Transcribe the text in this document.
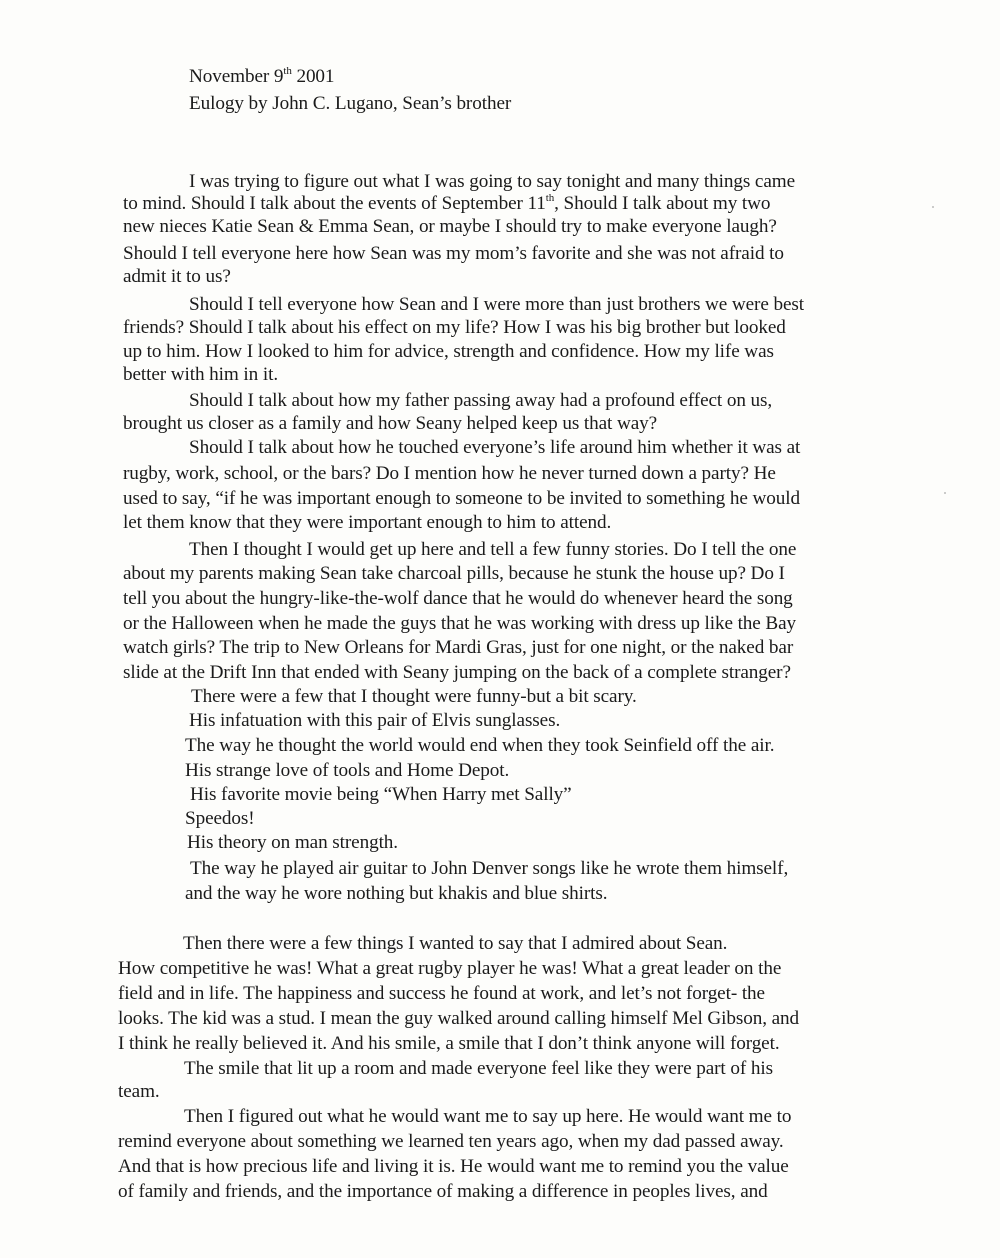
November 9th 2001
Eulogy by John C. Lugano, Sean’s brother
I was trying to figure out what I was going to say tonight and many things came
to mind. Should I talk about the events of September 11th, Should I talk about my two
new nieces Katie Sean & Emma Sean, or maybe I should try to make everyone laugh?
Should I tell everyone here how Sean was my mom’s favorite and she was not afraid to
admit it to us?
Should I tell everyone how Sean and I were more than just brothers we were best
friends? Should I talk about his effect on my life? How I was his big brother but looked
up to him. How I looked to him for advice, strength and confidence. How my life was
better with him in it.
Should I talk about how my father passing away had a profound effect on us,
brought us closer as a family and how Seany helped keep us that way?
Should I talk about how he touched everyone’s life around him whether it was at
rugby, work, school, or the bars? Do I mention how he never turned down a party? He
used to say, “if he was important enough to someone to be invited to something he would
let them know that they were important enough to him to attend.
Then I thought I would get up here and tell a few funny stories. Do I tell the one
about my parents making Sean take charcoal pills, because he stunk the house up? Do I
tell you about the hungry-like-the-wolf dance that he would do whenever heard the song
or the Halloween when he made the guys that he was working with dress up like the Bay
watch girls? The trip to New Orleans for Mardi Gras, just for one night, or the naked bar
slide at the Drift Inn that ended with Seany jumping on the back of a complete stranger?
There were a few that I thought were funny-but a bit scary.
His infatuation with this pair of Elvis sunglasses.
The way he thought the world would end when they took Seinfield off the air.
His strange love of tools and Home Depot.
His favorite movie being “When Harry met Sally”
Speedos!
His theory on man strength.
The way he played air guitar to John Denver songs like he wrote them himself,
and the way he wore nothing but khakis and blue shirts.
Then there were a few things I wanted to say that I admired about Sean.
How competitive he was! What a great rugby player he was! What a great leader on the
field and in life. The happiness and success he found at work, and let’s not forget- the
looks. The kid was a stud. I mean the guy walked around calling himself Mel Gibson, and
I think he really believed it. And his smile, a smile that I don’t think anyone will forget.
The smile that lit up a room and made everyone feel like they were part of his
team.
Then I figured out what he would want me to say up here. He would want me to
remind everyone about something we learned ten years ago, when my dad passed away.
And that is how precious life and living it is. He would want me to remind you the value
of family and friends, and the importance of making a difference in peoples lives, and
